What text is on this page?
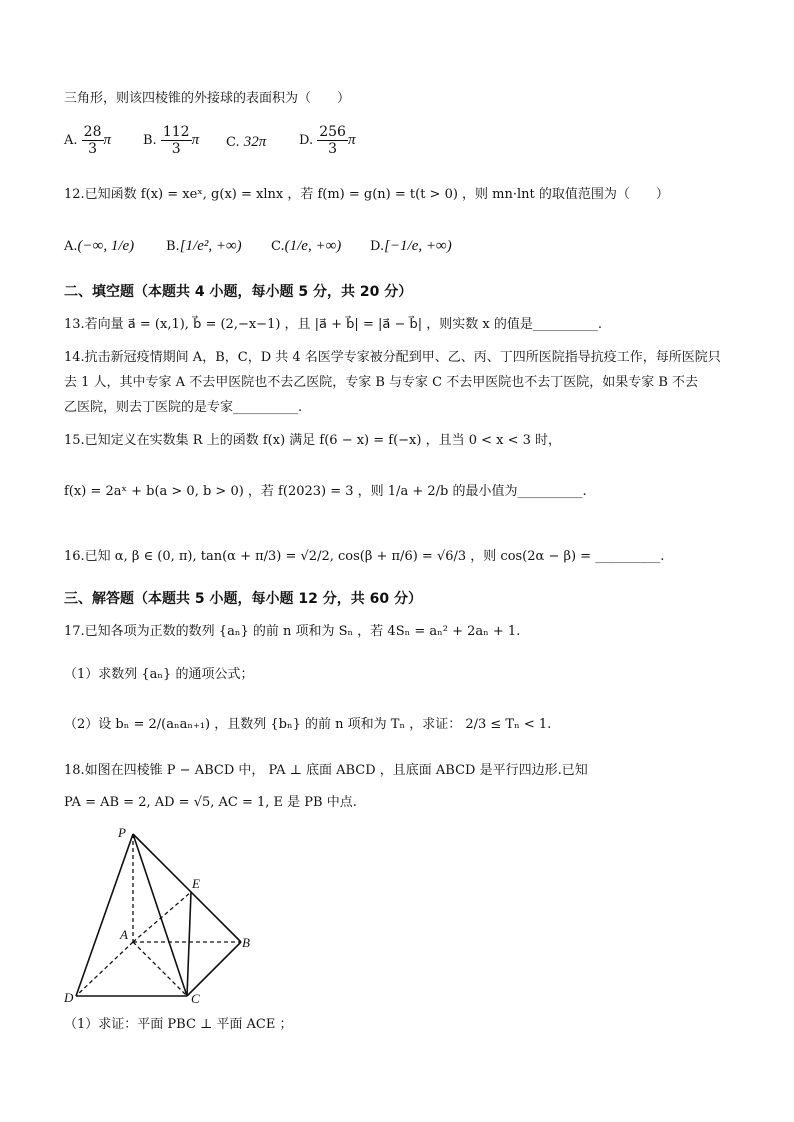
三角形，则该四棱锥的外接球的表面积为（　　）
A. $\frac{28}{3}$ π B. $\frac{112}{3}$ π C. 32π	D. $\frac{256}{3}$ π
12.已知函数 f(x) = xeˣ, g(x) = xlnx ，若 f(m) = g(n) = t(t > 0) ，则 mn·lnt 的取值范围为（　　）
A.(−∞, 1/e) B.[1/e², +∞) C.(1/e, +∞) D.[−1/e, +∞)
二、填空题（本题共 4 小题，每小题 5 分，共 20 分）
13.若向量 a⃗ = (x,1), b⃗ = (2,−x−1) ，且 |a⃗ + b⃗| = |a⃗ − b⃗| ，则实数 x 的值是__________.
14.抗击新冠疫情期间 A，B，C，D 共 4 名医学专家被分配到甲、乙、丙、丁四所医院指导抗疫工作，每所医院只
去 1 人，其中专家 A 不去甲医院也不去乙医院，专家 B 与专家 C 不去甲医院也不去丁医院，如果专家 B 不去
乙医院，则去丁医院的是专家__________.
15.已知定义在实数集 R 上的函数 f(x) 满足 f(6 − x) = f(−x) ，且当 0 < x < 3 时，
f(x) = 2aˣ + b(a > 0, b > 0) ，若 f(2023) = 3 ，则 1/a + 2/b 的最小值为__________.
16.已知 α, β ∈ (0, π), tan(α + π/3) = √2/2, cos(β + π/6) = √6/3 ，则 cos(2α − β) = __________.
三、解答题（本题共 5 小题，每小题 12 分，共 60 分）
17.已知各项为正数的数列 {aₙ} 的前 n 项和为 Sₙ ，若 4Sₙ = aₙ² + 2aₙ + 1.
（1）求数列 {aₙ} 的通项公式；
（2）设 bₙ = 2/(aₙaₙ₊₁) ，且数列 {bₙ} 的前 n 项和为 Tₙ ，求证： 2/3 ≤ Tₙ < 1.
18.如图在四棱锥 P − ABCD 中， PA ⊥ 底面 ABCD ，且底面 ABCD 是平行四边形.已知
PA = AB = 2, AD = √5, AC = 1, E 是 PB 中点.
P
E
A
B
D	C
（1）求证：平面 PBC ⊥ 平面 ACE ；
